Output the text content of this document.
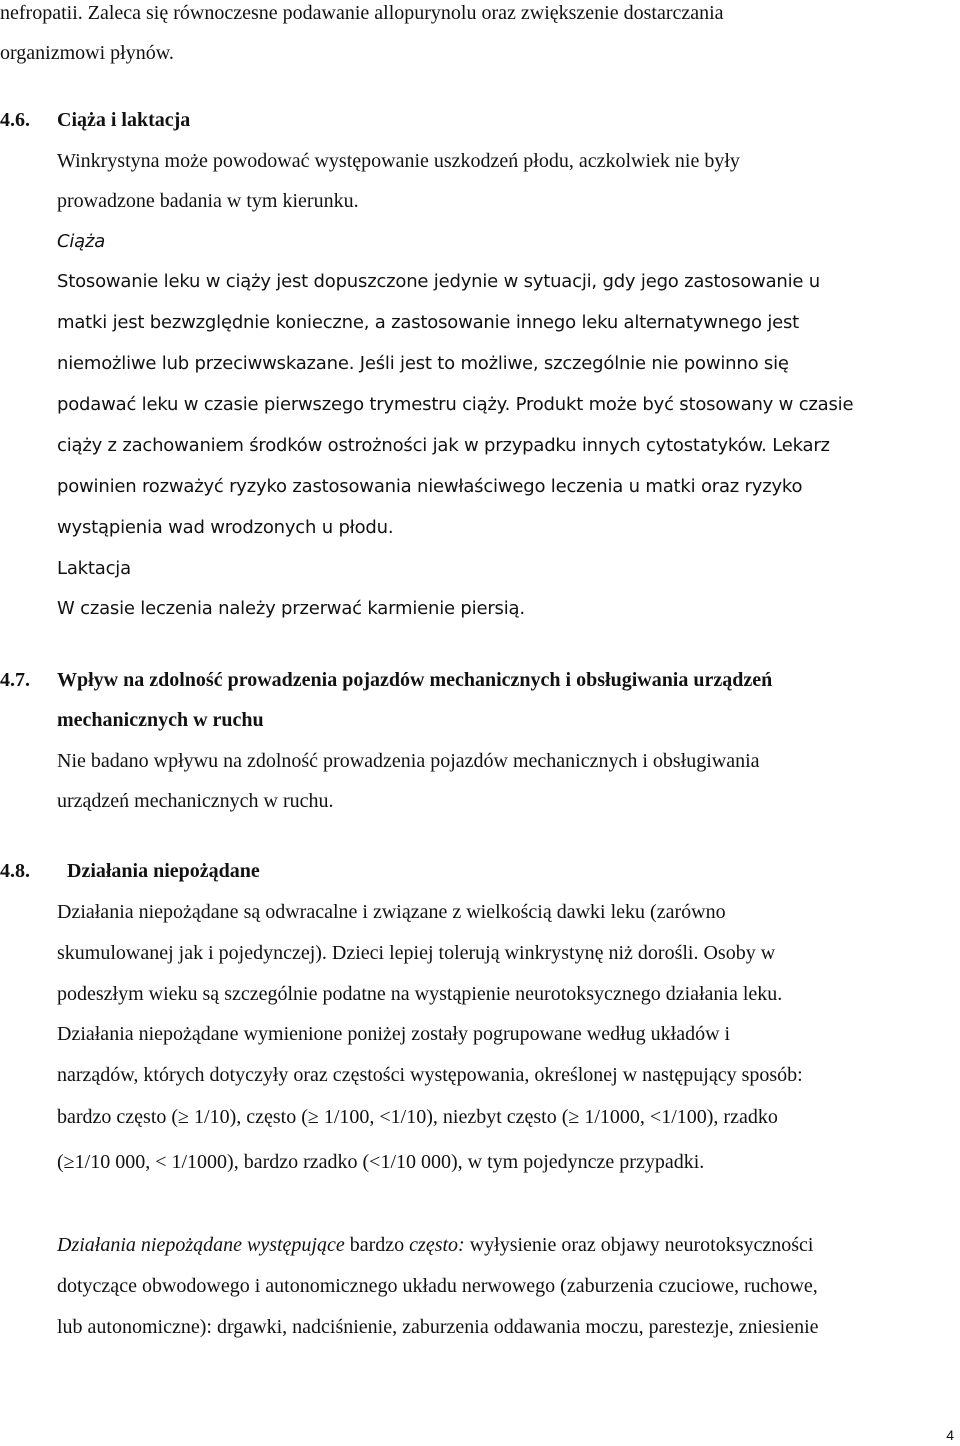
nefropatii. Zaleca się równoczesne podawanie allopurynolu oraz zwiększenie dostarczania
organizmowi płynów.
4.6. Ciąża i laktacja
Winkrystyna może powodować występowanie uszkodzeń płodu, aczkolwiek nie były
prowadzone badania w tym kierunku.
Ciąża
Stosowanie leku w ciąży jest dopuszczone jedynie w sytuacji, gdy jego zastosowanie u
matki jest bezwzględnie konieczne, a zastosowanie innego leku alternatywnego jest
niemożliwe lub przeciwwskazane. Jeśli jest to możliwe, szczególnie nie powinno się
podawać leku w czasie pierwszego trymestru ciąży. Produkt może być stosowany w czasie
ciąży z zachowaniem środków ostrożności jak w przypadku innych cytostatyków. Lekarz
powinien rozważyć ryzyko zastosowania niewłaściwego leczenia u matki oraz ryzyko
wystąpienia wad wrodzonych u płodu.
Laktacja
W czasie leczenia należy przerwać karmienie piersią.
4.7. Wpływ na zdolność prowadzenia pojazdów mechanicznych i obsługiwania urządzeń
mechanicznych w ruchu
Nie badano wpływu na zdolność prowadzenia pojazdów mechanicznych i obsługiwania
urządzeń mechanicznych w ruchu.
4.8. Działania niepożądane
Działania niepożądane są odwracalne i związane z wielkością dawki leku (zarówno
skumulowanej jak i pojedynczej). Dzieci lepiej tolerują winkrystynę niż dorośli. Osoby w
podeszłym wieku są szczególnie podatne na wystąpienie neurotoksycznego działania leku.
Działania niepożądane wymienione poniżej zostały pogrupowane według układów i
narządów, których dotyczyły oraz częstości występowania, określonej w następujący sposób:
bardzo często (≥ 1/10), często (≥ 1/100, <1/10), niezbyt często (≥ 1/1000, <1/100), rzadko
(≥1/10 000, < 1/1000), bardzo rzadko (<1/10 000), w tym pojedyncze przypadki.
Działania niepożądane występujące bardzo często: wyłysienie oraz objawy neurotoksyczności
dotyczące obwodowego i autonomicznego układu nerwowego (zaburzenia czuciowe, ruchowe,
lub autonomiczne): drgawki, nadciśnienie, zaburzenia oddawania moczu, parestezje, zniesienie
4
